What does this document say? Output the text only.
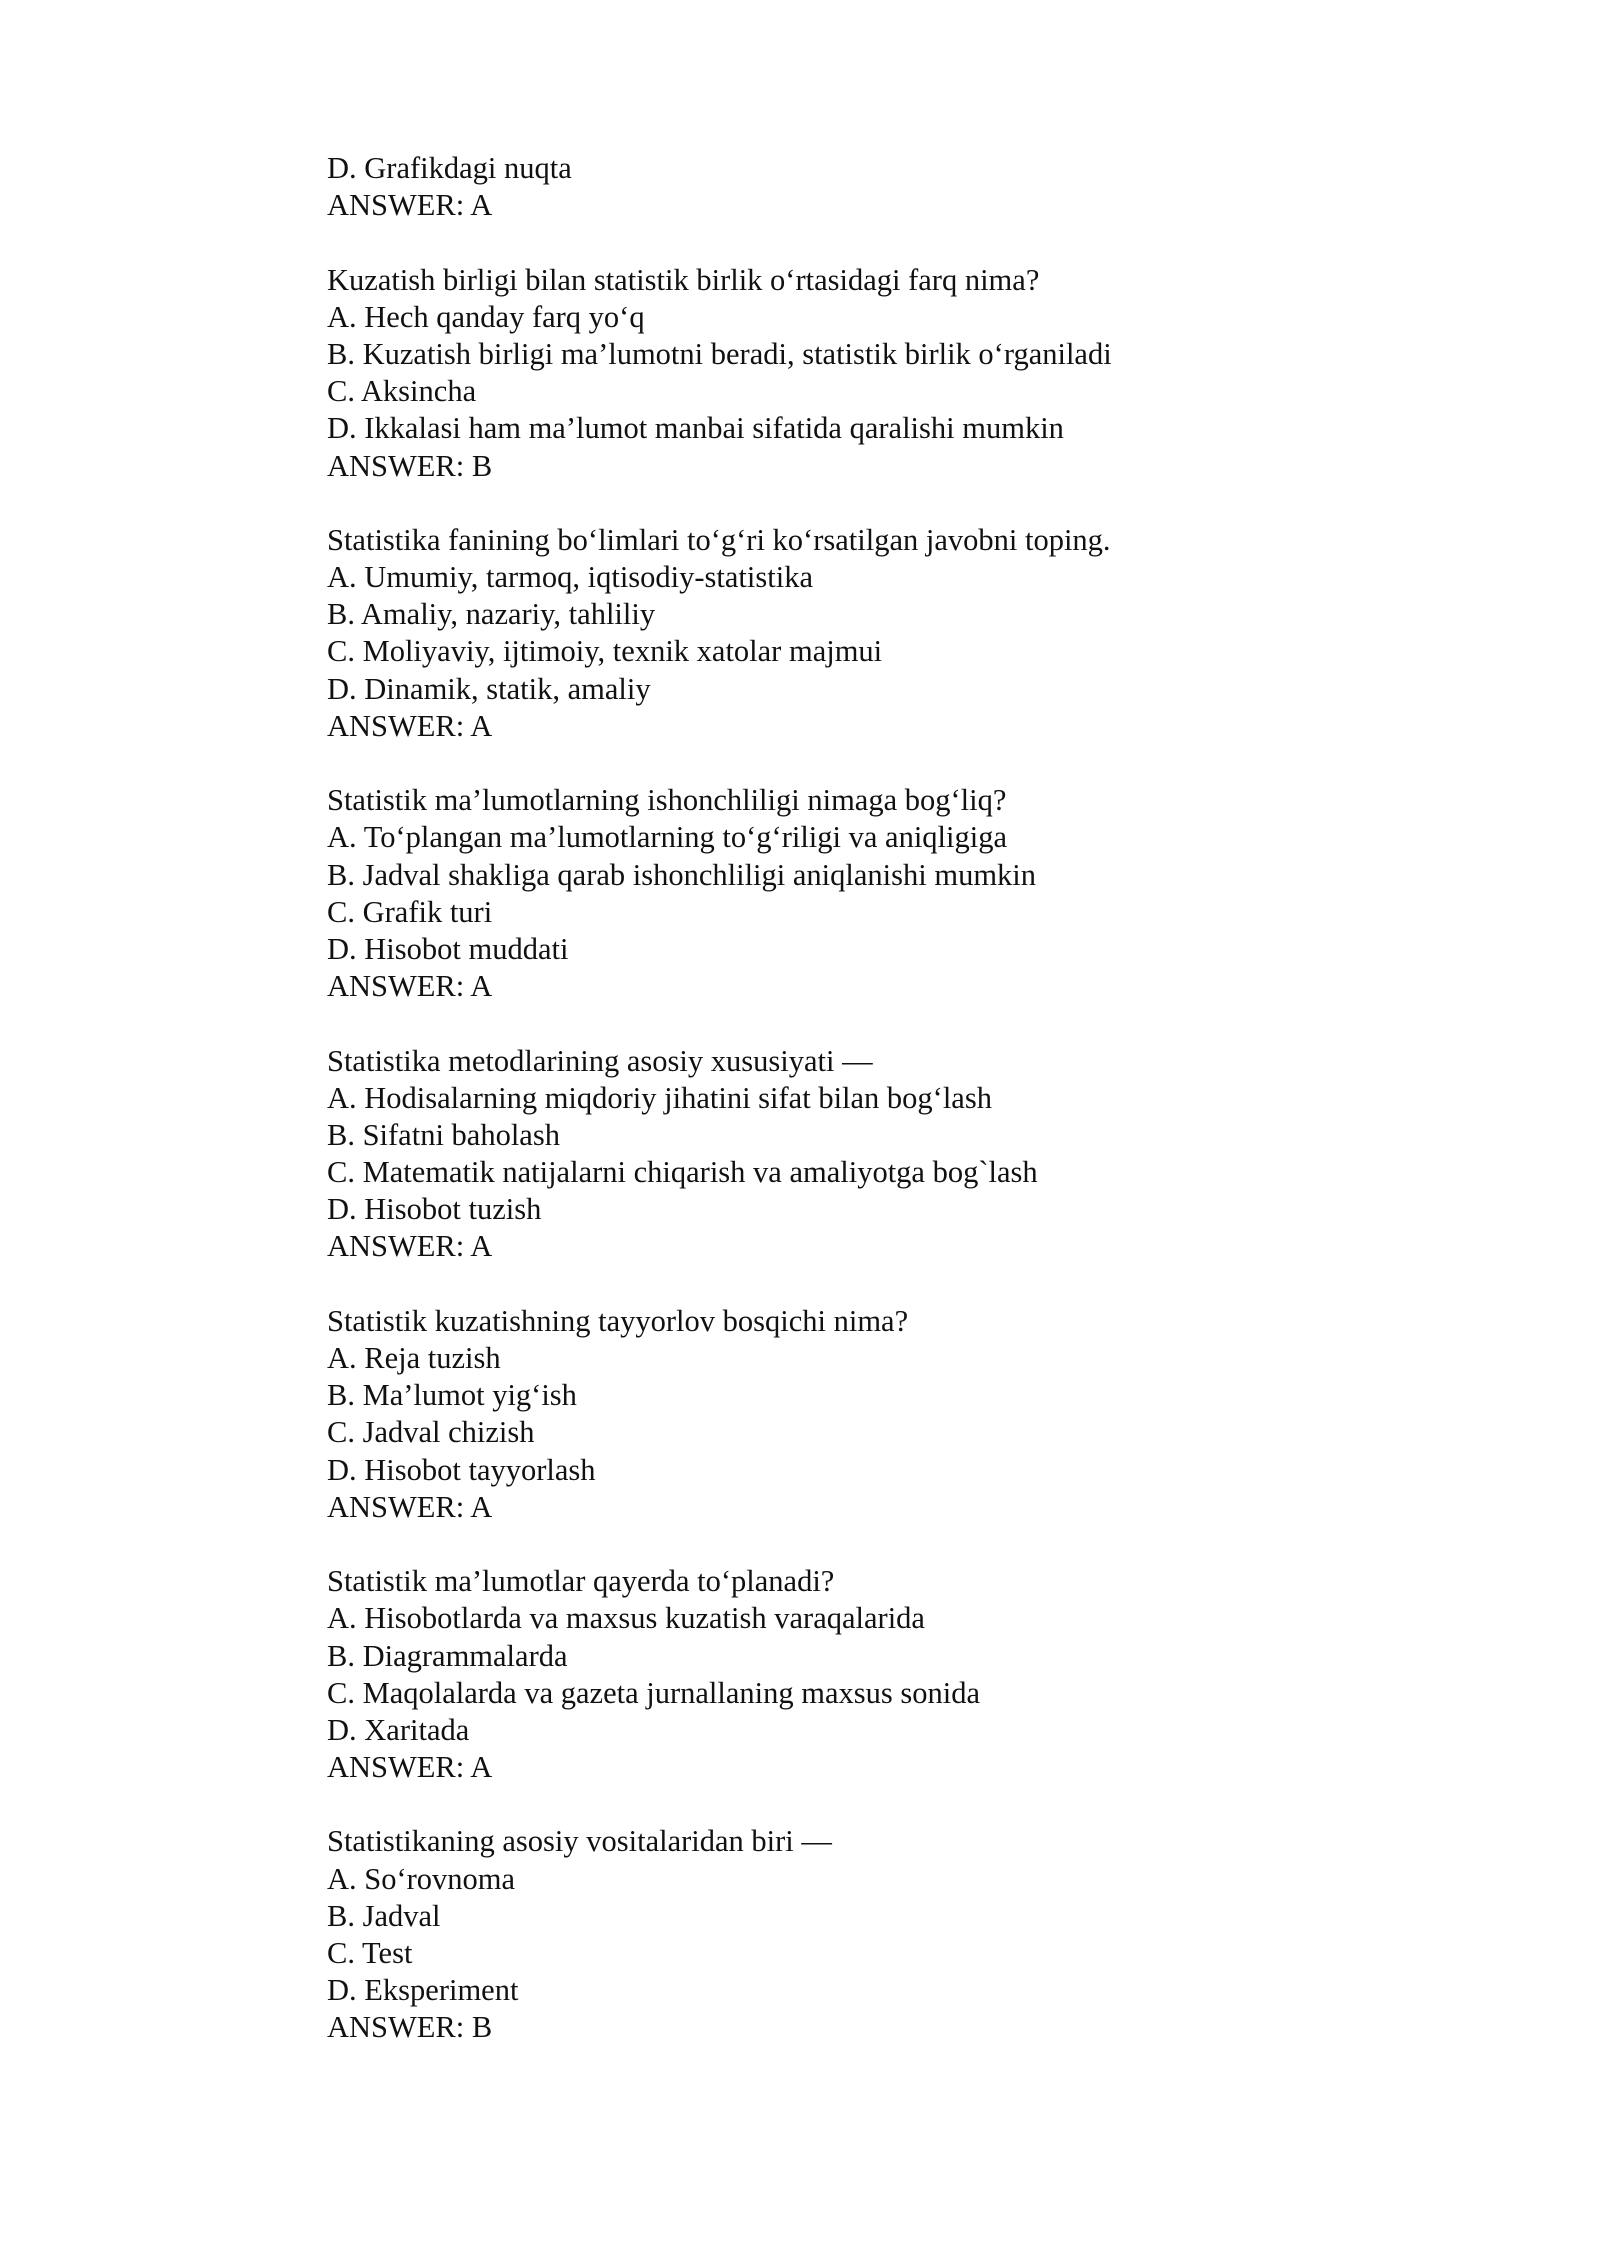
D. Grafikdagi nuqta
ANSWER: A
Kuzatish birligi bilan statistik birlik o‘rtasidagi farq nima?
A. Hech qanday farq yo‘q
B. Kuzatish birligi ma’lumotni beradi, statistik birlik o‘rganiladi
C. Aksincha
D. Ikkalasi ham ma’lumot manbai sifatida qaralishi mumkin
ANSWER: B
Statistika fanining bo‘limlari to‘g‘ri ko‘rsatilgan javobni toping.
A. Umumiy, tarmoq, iqtisodiy-statistika
B. Amaliy, nazariy, tahliliy
C. Moliyaviy, ijtimoiy, texnik xatolar majmui
D. Dinamik, statik, amaliy
ANSWER: A
Statistik ma’lumotlarning ishonchliligi nimaga bog‘liq?
A. To‘plangan ma’lumotlarning to‘g‘riligi va aniqligiga
B. Jadval shakliga qarab ishonchliligi aniqlanishi mumkin
C. Grafik turi
D. Hisobot muddati
ANSWER: A
Statistika metodlarining asosiy xususiyati —
A. Hodisalarning miqdoriy jihatini sifat bilan bog‘lash
B. Sifatni baholash
C. Matematik natijalarni chiqarish va amaliyotga bog`lash
D. Hisobot tuzish
ANSWER: A
Statistik kuzatishning tayyorlov bosqichi nima?
A. Reja tuzish
B. Ma’lumot yig‘ish
C. Jadval chizish
D. Hisobot tayyorlash
ANSWER: A
Statistik ma’lumotlar qayerda to‘planadi?
A. Hisobotlarda va maxsus kuzatish varaqalarida
B. Diagrammalarda
C. Maqolalarda va gazeta jurnallaning maxsus sonida
D. Xaritada
ANSWER: A
Statistikaning asosiy vositalaridan biri —
A. So‘rovnoma
B. Jadval
C. Test
D. Eksperiment
ANSWER: B
